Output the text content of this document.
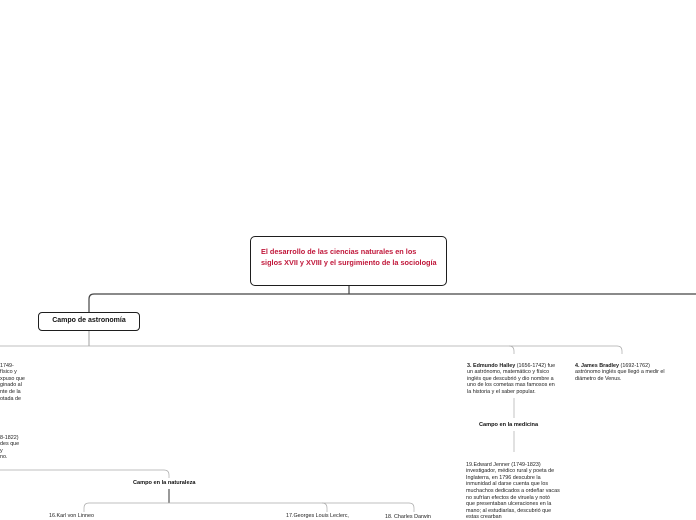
El desarrollo de las ciencias naturales en los siglos XVII y XVIII y el surgimiento de la sociología
Campo de astronomía

1749-
físico y
xpuso que
ginado al
nte de la
otada de

8-1822)
des que
y
no.

3. Edmundo Halley (1656-1742) fue un astrónomo, matemático y físico inglés que descubrió y dio nombre a uno de los cometas mas famosos en la historia y el saber popular.

4. James Bradley (1692-1762) astrónomo inglés que llegó a medir el diámetro de Venus.

Campo en la medicina

19.Edward Jenner (1749-1823) investigador, médico rural y poeta de Inglaterra, en 1796 descubre la inmunidad al darse cuenta que los muchachos dedicados a ordeñar vacas no sufrían efectos de viruela y notó que presentaban ulceraciones en la mano; al estudiarlas, descubrió que estas crearban

Campo en la naturaleza
16.Karl von Linneo	17.Georges Louis Leclerc,	18. Charles Darwin
